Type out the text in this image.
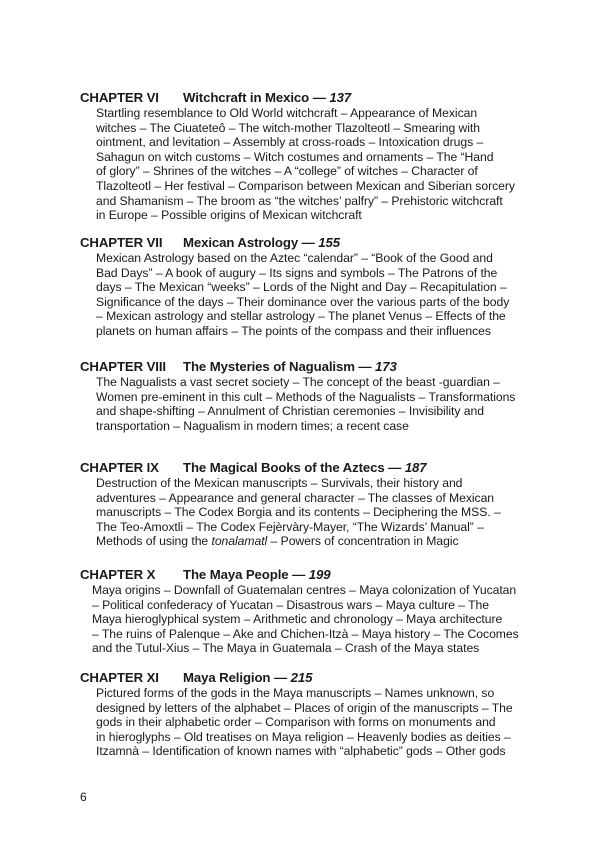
CHAPTER VI Witchcraft in Mexico — 137
Startling resemblance to Old World witchcraft – Appearance of Mexican
witches – The Ciuateteô – The witch-mother Tlazolteotl – Smearing with
ointment, and levitation – Assembly at cross-roads – Intoxication drugs –
Sahagun on witch customs – Witch costumes and ornaments – The “Hand
of glory” – Shrines of the witches – A “college” of witches – Character of
Tlazolteotl – Her festival – Comparison between Mexican and Siberian sorcery
and Shamanism – The broom as “the witches’ palfry” – Prehistoric witchcraft
in Europe – Possible origins of Mexican witchcraft
CHAPTER VII Mexican Astrology — 155
Mexican Astrology based on the Aztec “calendar” – “Book of the Good and
Bad Days” – A book of augury – Its signs and symbols – The Patrons of the
days – The Mexican “weeks” – Lords of the Night and Day – Recapitulation –
Significance of the days – Their dominance over the various parts of the body
– Mexican astrology and stellar astrology – The planet Venus – Effects of the
planets on human affairs – The points of the compass and their influences
CHAPTER VIII The Mysteries of Nagualism — 173
The Nagualists a vast secret society – The concept of the beast -guardian –
Women pre-eminent in this cult – Methods of the Nagualists – Transformations
and shape-shifting – Annulment of Christian ceremonies – Invisibility and
transportation – Nagualism in modern times; a recent case
CHAPTER IX The Magical Books of the Aztecs — 187
Destruction of the Mexican manuscripts – Survivals, their history and
adventures – Appearance and general character – The classes of Mexican
manuscripts – The Codex Borgia and its contents – Deciphering the MSS. –
The Teo-Amoxtli – The Codex Fejèrvàry-Mayer, “The Wizards’ Manual” –
Methods of using the tonalamatl – Powers of concentration in Magic
CHAPTER X The Maya People — 199
Maya origins – Downfall of Guatemalan centres – Maya colonization of Yucatan
– Political confederacy of Yucatan – Disastrous wars – Maya culture – The
Maya hieroglyphical system – Arithmetic and chronology – Maya architecture
– The ruins of Palenque – Ake and Chichen-Itzà – Maya history – The Cocomes
and the Tutul-Xius – The Maya in Guatemala – Crash of the Maya states
CHAPTER XI Maya Religion — 215
Pictured forms of the gods in the Maya manuscripts – Names unknown, so
designed by letters of the alphabet – Places of origin of the manuscripts – The
gods in their alphabetic order – Comparison with forms on monuments and
in hieroglyphs – Old treatises on Maya religion – Heavenly bodies as deities –
Itzamnà – Identification of known names with “alphabetic” gods – Other gods
6
